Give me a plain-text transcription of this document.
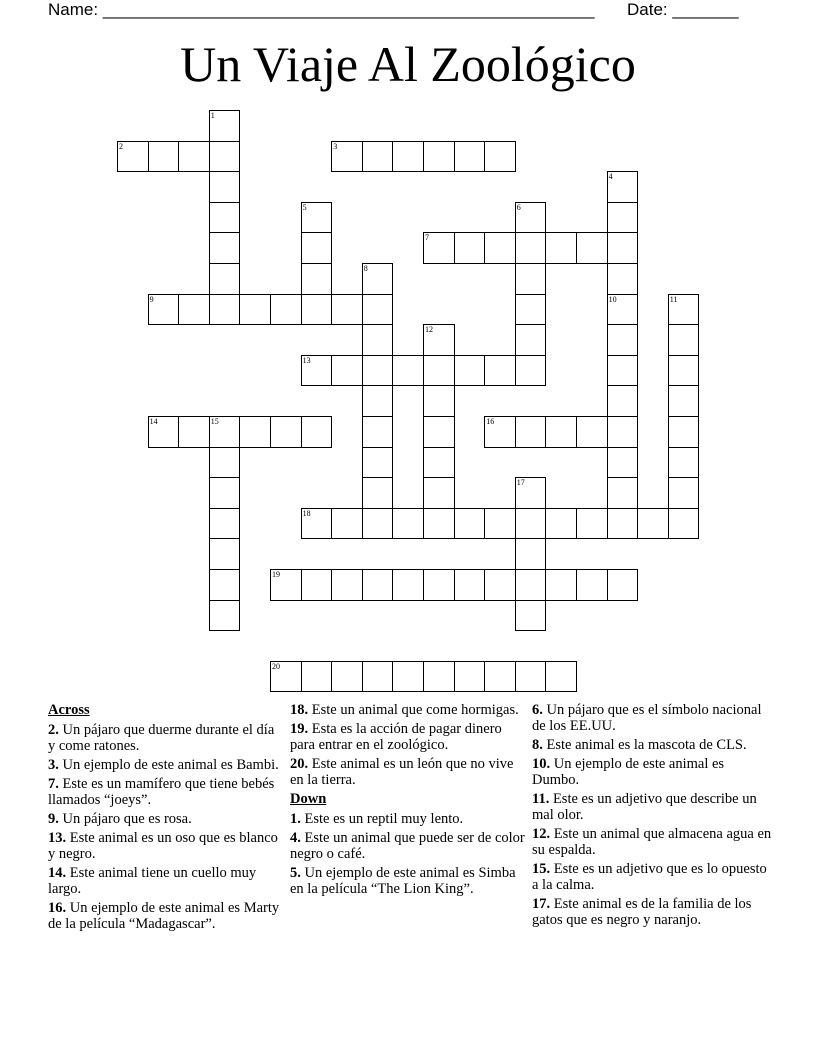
Name: ____________________________________________________ Date: _______
Un Viaje Al Zoológico
1
2	3
4
5	6
7
8
9	10	11
12
13
14	15	16
17
18
19
20
Across
2. Un pájaro que duerme durante el día y come ratones.
3. Un ejemplo de este animal es Bambi.
7. Este es un mamífero que tiene bebés llamados “joeys”.
9. Un pájaro que es rosa.
13. Este animal es un oso que es blanco y negro.
14. Este animal tiene un cuello muy largo.
16. Un ejemplo de este animal es Marty de la película “Madagascar”.
18. Este un animal que come hormigas.
19. Esta es la acción de pagar dinero para entrar en el zoológico.
20. Este animal es un león que no vive en la tierra.
Down
1. Este es un reptil muy lento.
4. Este un animal que puede ser de color negro o café.
5. Un ejemplo de este animal es Simba en la película “The Lion King”.
6. Un pájaro que es el símbolo nacional de los EE.UU.
8. Este animal es la mascota de CLS.
10. Un ejemplo de este animal es Dumbo.
11. Este es un adjetivo que describe un mal olor.
12. Este un animal que almacena agua en su espalda.
15. Este es un adjetivo que es lo opuesto a la calma.
17. Este animal es de la familia de los gatos que es negro y naranjo.
